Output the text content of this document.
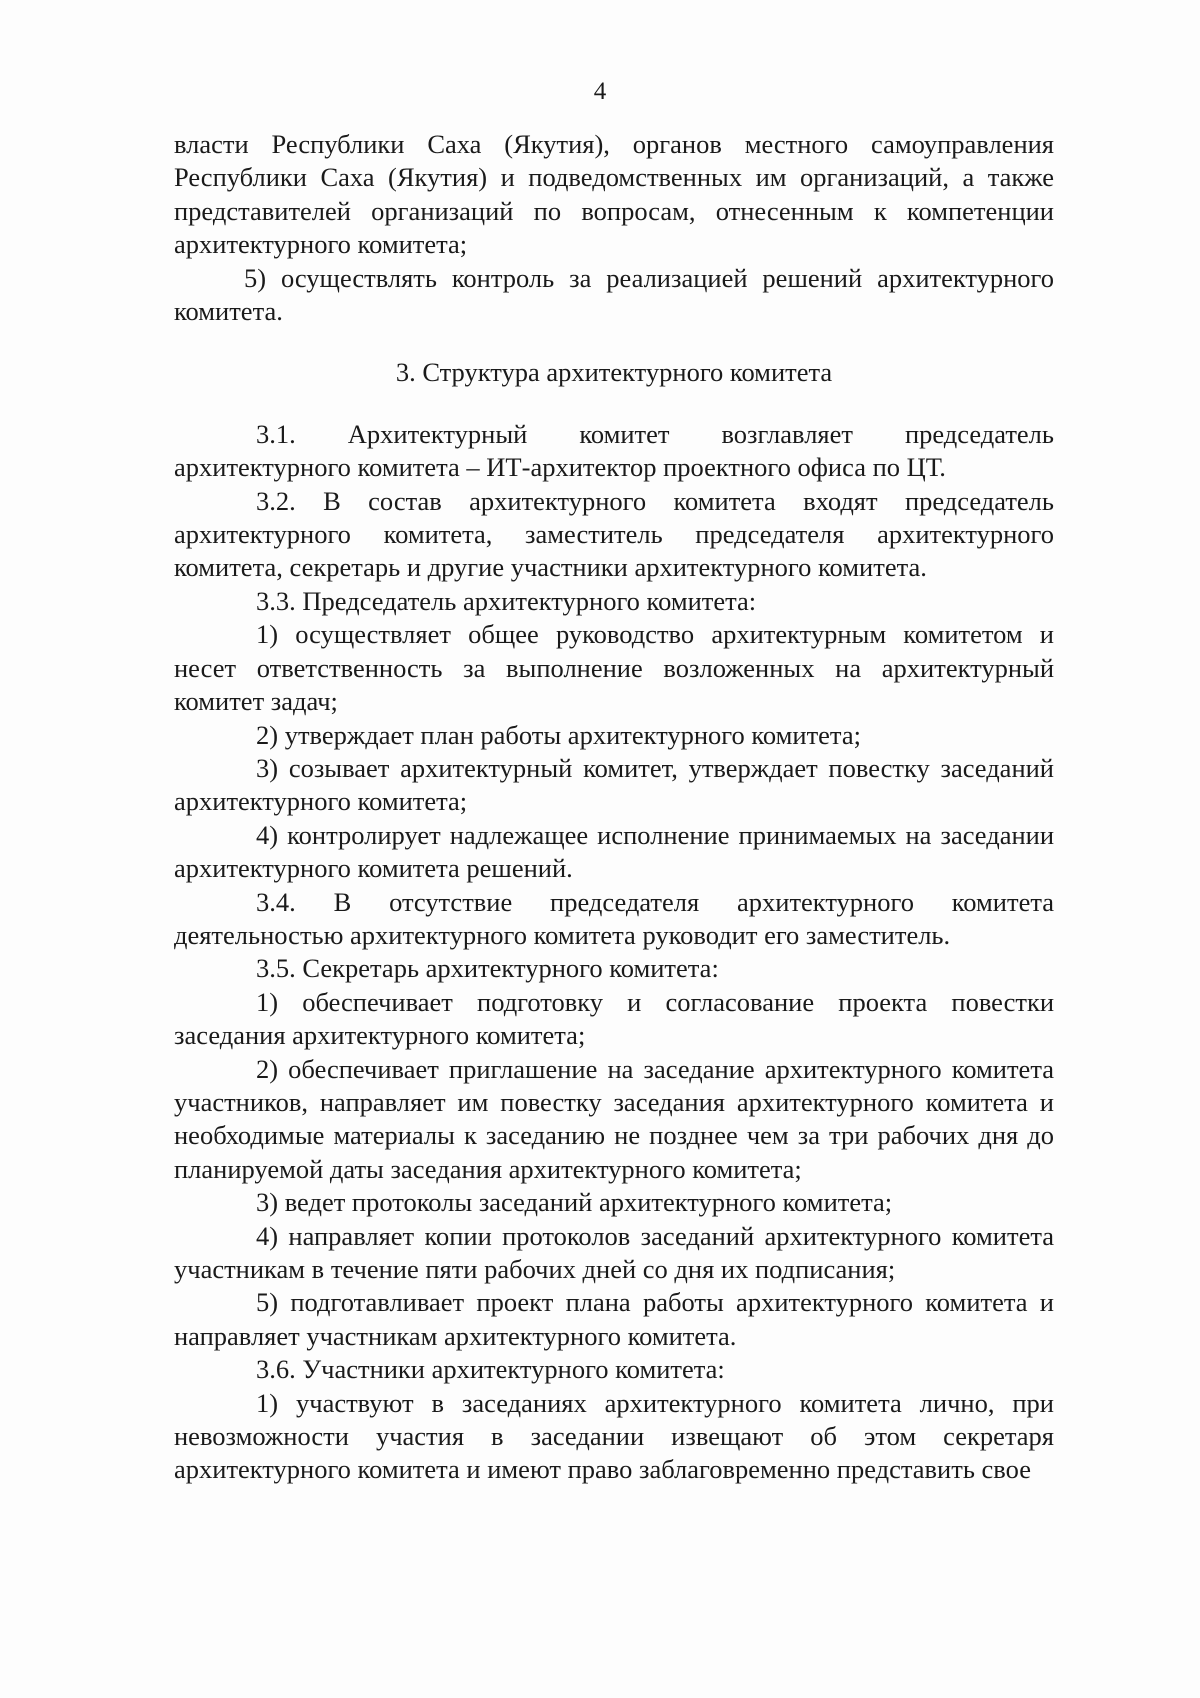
4

власти Республики Саха (Якутия), органов местного самоуправления Республики Саха (Якутия) и подведомственных им организаций, а также представителей организаций по вопросам, отнесенным к компетенции архитектурного комитета;

5) осуществлять контроль за реализацией решений архитектурного комитета.

3. Структура архитектурного комитета

3.1. Архитектурный комитет возглавляет председатель архитектурного комитета – ИТ-архитектор проектного офиса по ЦТ.

3.2. В состав архитектурного комитета входят председатель архитектурного комитета, заместитель председателя архитектурного комитета, секретарь и другие участники архитектурного комитета.

3.3. Председатель архитектурного комитета:

1) осуществляет общее руководство архитектурным комитетом и несет ответственность за выполнение возложенных на архитектурный комитет задач;

2) утверждает план работы архитектурного комитета;

3) созывает архитектурный комитет, утверждает повестку заседаний архитектурного комитета;

4) контролирует надлежащее исполнение принимаемых на заседании архитектурного комитета решений.

3.4. В отсутствие председателя архитектурного комитета деятельностью архитектурного комитета руководит его заместитель.

3.5. Секретарь архитектурного комитета:

1) обеспечивает подготовку и согласование проекта повестки заседания архитектурного комитета;

2) обеспечивает приглашение на заседание архитектурного комитета участников, направляет им повестку заседания архитектурного комитета и необходимые материалы к заседанию не позднее чем за три рабочих дня до планируемой даты заседания архитектурного комитета;

3) ведет протоколы заседаний архитектурного комитета;

4) направляет копии протоколов заседаний архитектурного комитета участникам в течение пяти рабочих дней со дня их подписания;

5) подготавливает проект плана работы архитектурного комитета и направляет участникам архитектурного комитета.

3.6. Участники архитектурного комитета:

1) участвуют в заседаниях архитектурного комитета лично, при невозможности участия в заседании извещают об этом секретаря архитектурного комитета и имеют право заблаговременно представить свое
